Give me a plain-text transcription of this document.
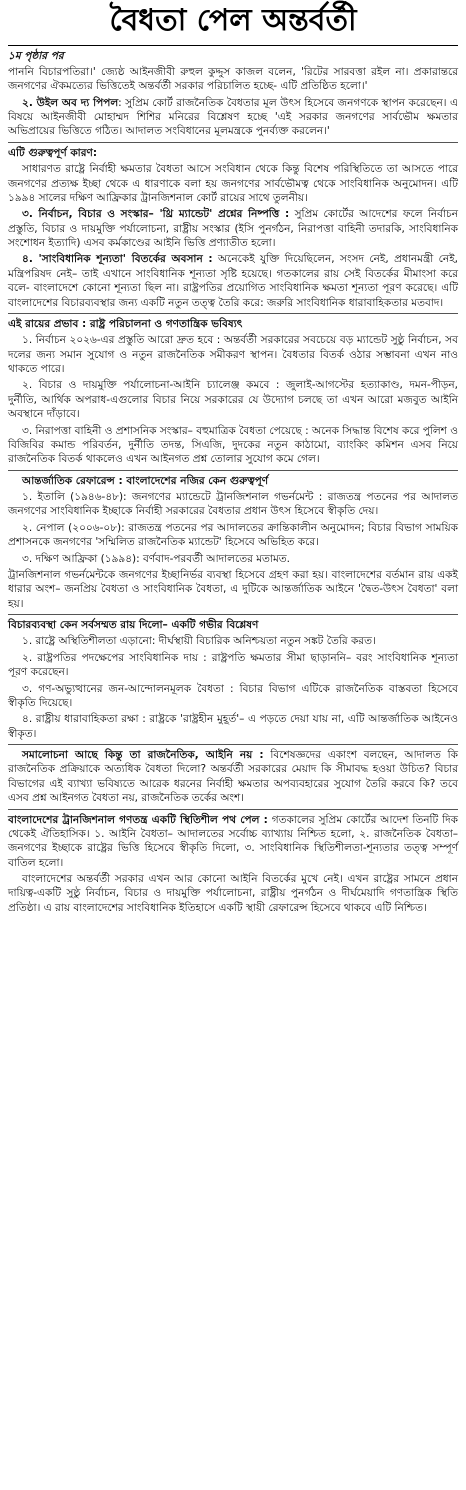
বৈধতা পেল অন্তর্বর্তী

১ম পৃষ্ঠার পর

পাননি বিচারপতিরা।' জ্যেষ্ঠ আইনজীবী রুহুল কুদ্দুস কাজল বলেন, 'রিটের সারবত্তা রইল না। প্রকারান্তরে জনগণের ঐকমত্যের ভিত্তিতেই অন্তর্বর্তী সরকার পরিচালিত হচ্ছে- এটি প্রতিষ্ঠিত হলো।'

২. উইল অব দ্য পিপল: সুপ্রিম কোর্ট রাজনৈতিক বৈধতার মূল উৎস হিসেবে জনগণকে স্থাপন করেছেন। এ বিষয়ে আইনজীবী মোহাম্মদ শিশির মনিরের বিশ্লেষণ হচ্ছে 'এই সরকার জনগণের সার্বভৌম ক্ষমতার অভিপ্রায়ের ভিত্তিতে গঠিত। আদালত সংবিধানের মূলমন্ত্রকে পুনর্ব্যক্ত করলেন।'

এটি গুরুত্বপূর্ণ কারণ:

সাধারণত রাষ্ট্রে নির্বাহী ক্ষমতার বৈধতা আসে সংবিধান থেকে কিন্তু বিশেষ পরিস্থিতিতে তা আসতে পারে জনগণের প্রত্যক্ষ ইচ্ছা থেকে এ ধারণাকে বলা হয় জনগণের সার্বভৌমত্ব থেকে সাংবিধানিক অনুমোদন। এটি ১৯৯৪ সালের দক্ষিণ আফ্রিকার ট্রানজিশনাল কোর্ট রায়ের সাথে তুলনীয়।

৩. নির্বাচন, বিচার ও সংস্কার– 'থ্রি ম্যান্ডেট' প্রশ্নের নিষ্পত্তি : সুপ্রিম কোর্টের আদেশের ফলে নির্বাচন প্রস্তুতি, বিচার ও দায়মুক্তি পর্যালোচনা, রাষ্ট্রীয় সংস্কার (ইসি পুনর্গঠন, নিরাপত্তা বাহিনী তদারকি, সাংবিধানিক সংশোধন ইত্যাদি) এসব কর্মকাণ্ডের আইনি ভিত্তি প্রণ্যাতীত হলো।

৪. 'সাংবিধানিক শূন্যতা' বিতর্কের অবসান : অনেকেই যুক্তি দিয়েছিলেন, সংসদ নেই, প্রধানমন্ত্রী নেই, মন্ত্রিপরিষদ নেই– তাই এখানে সাংবিধানিক শূন্যতা সৃষ্টি হয়েছে। গতকালের রায় সেই বিতর্কের মীমাংসা করে বলে- বাংলাদেশে কোনো শূন্যতা ছিল না। রাষ্ট্রপতির প্রয়োগিত সাংবিধানিক ক্ষমতা শূন্যতা পূরণ করেছে। এটি বাংলাদেশের বিচারব্যবস্থার জন্য একটি নতুন তত্ত্ব তৈরি করে: জরুরি সাংবিধানিক ধারাবাহিকতার মতবাদ।

এই রায়ের প্রভাব : রাষ্ট্র পরিচালনা ও গণতান্ত্রিক ভবিষ্যৎ

১. নির্বাচন ২০২৬-এর প্রস্তুতি আরো দ্রুত হবে : অন্তর্বর্তী সরকারের সবচেয়ে বড় ম্যান্ডেট সুষ্ঠু নির্বাচন, সব দলের জন্য সমান সুযোগ ও নতুন রাজনৈতিক সমীকরণ স্থাপন। বৈধতার বিতর্ক ওঠার সম্ভাবনা এখন নাও থাকতে পারে।

২. বিচার ও দায়মুক্তি পর্যালোচনা-আইনি চ্যালেঞ্জ কমবে : জুলাই-আগস্টের হত্যাকাণ্ড, দমন-পীড়ন, দুর্নীতি, আর্থিক অপরাধ-এগুলোর বিচার নিয়ে সরকারের যে উদ্যোগ চলছে তা এখন আরো মজবুত আইনি অবস্থানে দাঁড়াবে।

৩. নিরাপত্তা বাহিনী ও প্রশাসনিক সংস্কার– বহুমাত্রিক বৈধতা পেয়েছে : অনেক সিদ্ধান্ত বিশেষ করে পুলিশ ও বিজিবির কমান্ড পরিবর্তন, দুর্নীতি তদন্ত, সিএজি, দুদকের নতুন কাঠামো, ব্যাংকিং কমিশন এসব নিয়ে রাজনৈতিক বিতর্ক থাকলেও এখন আইনগত প্রশ্ন তোলার সুযোগ কমে গেল।

আন্তর্জাতিক রেফারেন্স : বাংলাদেশের নজির কেন গুরুত্বপূর্ণ

১. ইতালি (১৯৪৬-৪৮): জনগণের ম্যান্ডেটে ট্রানজিশনাল গভর্নমেন্ট : রাজতন্ত্র পতনের পর আদালত জনগণের সাংবিধানিক ইচ্ছাকে নির্বাহী সরকারের বৈধতার প্রধান উৎস হিসেবে স্বীকৃতি দেয়।

২. নেপাল (২০০৬-০৮): রাজতন্ত্র পতনের পর আদালতের ক্রান্তিকালীন অনুমোদন; বিচার বিভাগ সাময়িক প্রশাসনকে জনগণের 'সম্মিলিত রাজনৈতিক ম্যান্ডেট' হিসেবে অভিহিত করে।

৩. দক্ষিণ আফ্রিকা (১৯৯৪): বর্ণবাদ-পরবর্তী আদালতের মতামত.

ট্রানজিশনাল গভর্নমেন্টকে জনগণের ইচ্ছানির্ভর ব্যবস্থা হিসেবে গ্রহণ করা হয়। বাংলাদেশের বর্তমান রায় একই ধারার অংশ– জনপ্রিয় বৈধতা ও সাংবিধানিক বৈধতা, এ দুটিকে আন্তর্জাতিক আইনে 'দ্বৈত-উৎস বৈধতা' বলা হয়।

বিচারব্যবস্থা কেন সর্বসম্মত রায় দিলো– একটি গভীর বিশ্লেষণ

১. রাষ্ট্রে অস্থিতিশীলতা এড়ানো: দীর্ঘস্থায়ী বিচারিক অনিশ্চয়তা নতুন সঙ্কট তৈরি করত।

২. রাষ্ট্রপতির পদক্ষেপের সাংবিধানিক দায় : রাষ্ট্রপতি ক্ষমতার সীমা ছাড়াননি– বরং সাংবিধানিক শূন্যতা পূরণ করেছেন।

৩. গণ-অভ্যুত্থানের জন-আন্দোলনমূলক বৈধতা : বিচার বিভাগ এটিকে রাজনৈতিক বাস্তবতা হিসেবে স্বীকৃতি দিয়েছে।

৪. রাষ্ট্রীয় ধারাবাহিকতা রক্ষা : রাষ্ট্রকে 'রাষ্ট্রহীন মুহূর্ত'– এ পড়তে দেয়া যায় না, এটি আন্তর্জাতিক আইনেও স্বীকৃত।

সমালোচনা আছে কিন্তু তা রাজনৈতিক, আইনি নয় : বিশেষজ্ঞদের একাংশ বলছেন, আদালত কি রাজনৈতিক প্রক্রিয়াকে অত্যধিক বৈধতা দিলো? অন্তর্বর্তী সরকারের মেয়াদ কি সীমাবদ্ধ হওয়া উচিত? বিচার বিভাগের এই ব্যাখ্যা ভবিষ্যতে আরেক ধরনের নির্বাহী ক্ষমতার অপব্যবহারের সুযোগ তৈরি করবে কি? তবে এসব প্রশ্ন আইনগত বৈধতা নয়, রাজনৈতিক তর্কের অংশ।

বাংলাদেশের ট্রানজিশনাল গণতন্ত্র একটি স্থিতিশীল পথ পেল : গতকালের সুপ্রিম কোর্টের আদেশ তিনটি দিক থেকেই ঐতিহাসিক। ১. আইনি বৈধতা– আদালতের সর্বোচ্চ ব্যাখ্যায় নিশ্চিত হলো, ২. রাজনৈতিক বৈধতা– জনগণের ইচ্ছাকে রাষ্ট্রের ভিত্তি হিসেবে স্বীকৃতি দিলো, ৩. সাংবিধানিক স্থিতিশীলতা-শূন্যতার তত্ত্ব সম্পূর্ণ বাতিল হলো।

বাংলাদেশের অন্তর্বর্তী সরকার এখন আর কোনো আইনি বিতর্কের মুখে নেই। এখন রাষ্ট্রের সামনে প্রধান দায়িত্ব-একটি সুষ্ঠু নির্বাচন, বিচার ও দায়মুক্তি পর্যালোচনা, রাষ্ট্রীয় পুনর্গঠন ও দীর্ঘমেয়াদি গণতান্ত্রিক স্থিতি প্রতিষ্ঠা। এ রায় বাংলাদেশের সাংবিধানিক ইতিহাসে একটি স্থায়ী রেফারেন্স হিসেবে থাকবে এটি নিশ্চিত।
